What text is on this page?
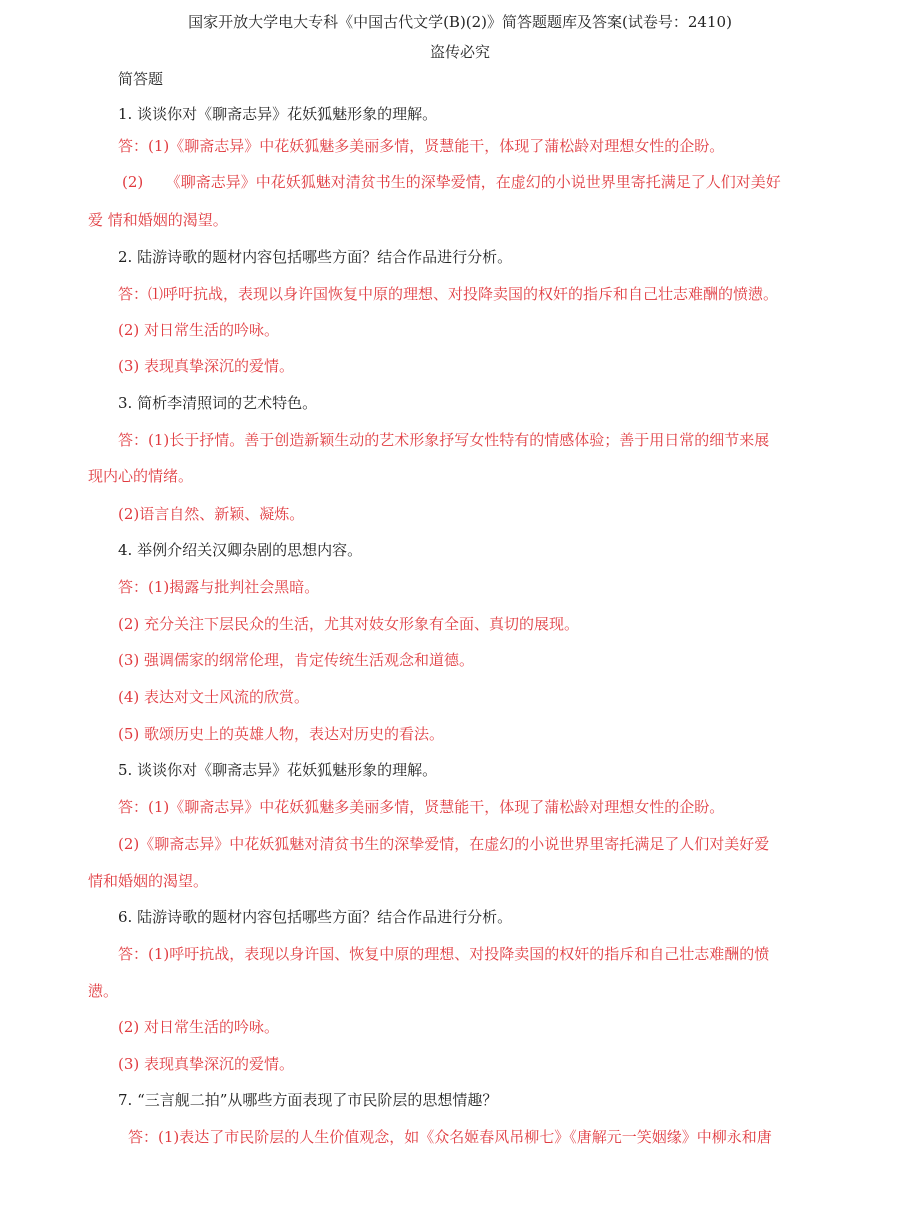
国家开放大学电大专科《中国古代文学(B)(2)》简答题题库及答案(试卷号：2410)
盗传必究
简答题
1. 谈谈你对《聊斋志异》花妖狐魅形象的理解。
答：(1)《聊斋志异》中花妖狐魅多美丽多情，贤慧能干，体现了蒲松龄对理想女性的企盼。
(2)　　《聊斋志异》中花妖狐魅对清贫书生的深挚爱情，在虚幻的小说世界里寄托满足了人们对美好
爱 情和婚姻的渴望。
2. 陆游诗歌的题材内容包括哪些方面？结合作品进行分析。
答：⑴呼吁抗战，表现以身许国恢复中原的理想、对投降卖国的权奸的指斥和自己壮志难酬的愤懑。
(2) 对日常生活的吟咏。
(3) 表现真挚深沉的爱情。
3. 简析李清照词的艺术特色。
答：(1)长于抒情。善于创造新颖生动的艺术形象抒写女性特有的情感体验；善于用日常的细节来展
现内心的情绪。
(2)语言自然、新颖、凝炼。
4. 举例介绍关汉卿杂剧的思想内容。
答：(1)揭露与批判社会黑暗。
(2) 充分关注下层民众的生活，尤其对妓女形象有全面、真切的展现。
(3) 强调儒家的纲常伦理，肯定传统生活观念和道德。
(4) 表达对文士风流的欣赏。
(5) 歌颂历史上的英雄人物，表达对历史的看法。
5. 谈谈你对《聊斋志异》花妖狐魅形象的理解。
答：(1)《聊斋志异》中花妖狐魅多美丽多情，贤慧能干，体现了蒲松龄对理想女性的企盼。
(2)《聊斋志异》中花妖狐魅对清贫书生的深挚爱情，在虚幻的小说世界里寄托满足了人们对美好爱
情和婚姻的渴望。
6. 陆游诗歌的题材内容包括哪些方面？结合作品进行分析。
答：(1)呼吁抗战，表现以身许国、恢复中原的理想、对投降卖国的权奸的指斥和自己壮志难酬的愤
懑。
(2) 对日常生活的吟咏。
(3) 表现真挚深沉的爱情。
7. “三言舰二拍”从哪些方面表现了市民阶层的思想情趣？
答：(1)表达了市民阶层的人生价值观念，如《众名姬春风吊柳七》《唐解元一笑姻缘》中柳永和唐
